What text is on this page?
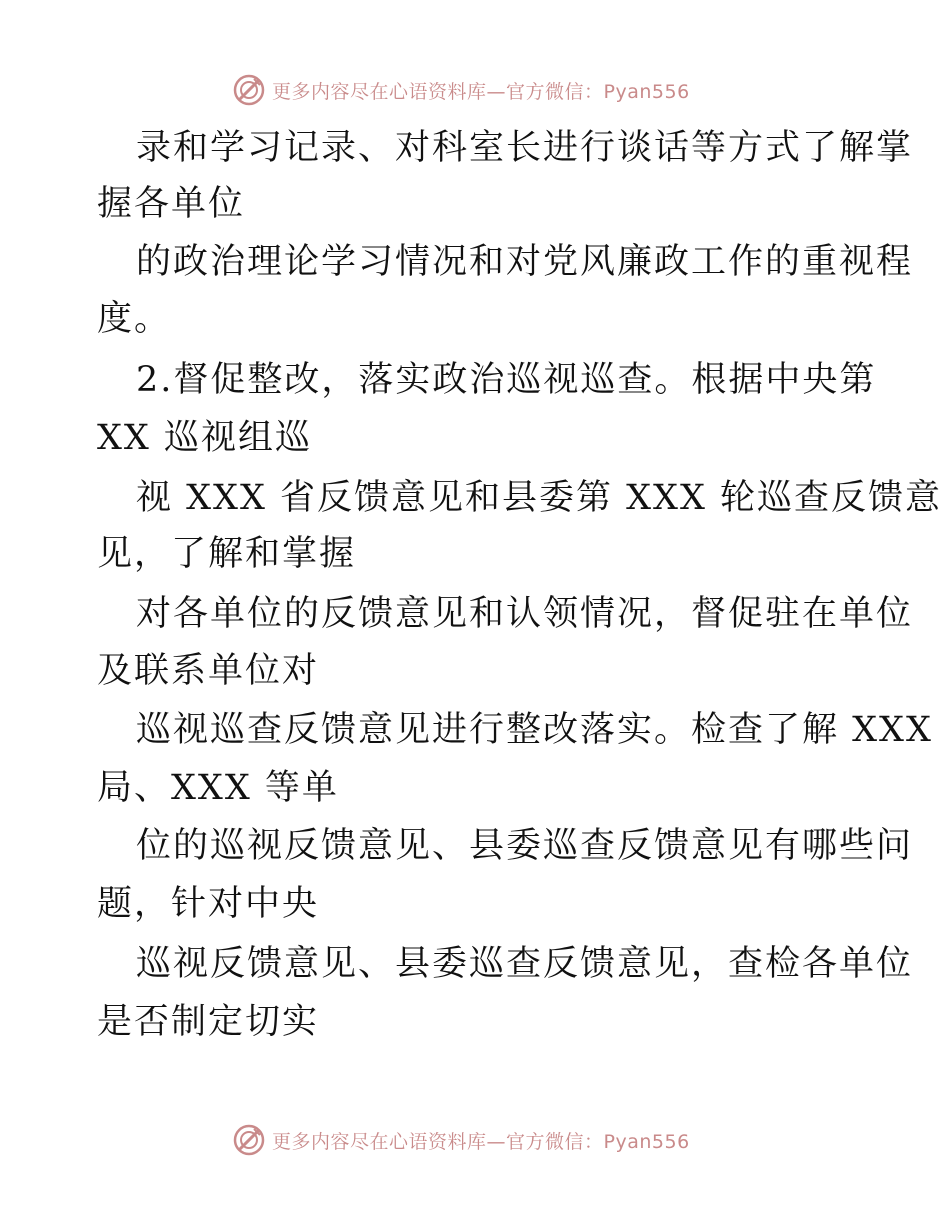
更多内容尽在心语资料库—官方微信：Pyan556
录和学习记录、对科室长进行谈话等方式了解掌
握各单位
的政治理论学习情况和对党风廉政工作的重视程
度。
2.督促整改，落实政治巡视巡查。根据中央第
XX 巡视组巡
视 XXX 省反馈意见和县委第 XXX 轮巡查反馈意
见，了解和掌握
对各单位的反馈意见和认领情况，督促驻在单位
及联系单位对
巡视巡查反馈意见进行整改落实。检查了解 XXX
局、XXX 等单
位的巡视反馈意见、县委巡查反馈意见有哪些问
题，针对中央
巡视反馈意见、县委巡查反馈意见，查检各单位
是否制定切实
更多内容尽在心语资料库—官方微信：Pyan556
